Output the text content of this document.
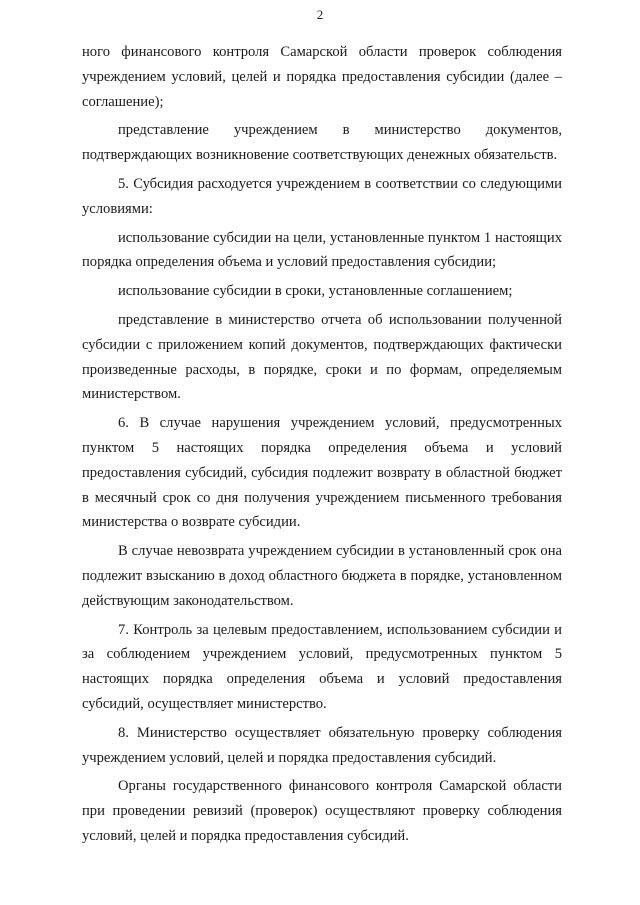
2

ного финансового контроля Самарской области проверок соблюдения учреждением условий, целей и порядка предоставления субсидии (далее – соглашение);

представление учреждением в министерство документов, подтверждающих возникновение соответствующих денежных обязательств.

5. Субсидия расходуется учреждением в соответствии со следующими условиями:

использование субсидии на цели, установленные пунктом 1 настоящих порядка определения объема и условий предоставления субсидии;

использование субсидии в сроки, установленные соглашением;

представление в министерство отчета об использовании полученной субсидии с приложением копий документов, подтверждающих фактически произведенные расходы, в порядке, сроки и по формам, определяемым министерством.

6. В случае нарушения учреждением условий, предусмотренных пунктом 5 настоящих порядка определения объема и условий предоставления субсидий, субсидия подлежит возврату в областной бюджет в месячный срок со дня получения учреждением письменного требования министерства о возврате субсидии.

В случае невозврата учреждением субсидии в установленный срок она подлежит взысканию в доход областного бюджета в порядке, установленном действующим законодательством.

7. Контроль за целевым предоставлением, использованием субсидии и за соблюдением учреждением условий, предусмотренных пунктом 5 настоящих порядка определения объема и условий предоставления субсидий, осуществляет министерство.

8. Министерство осуществляет обязательную проверку соблюдения учреждением условий, целей и порядка предоставления субсидий.

Органы государственного финансового контроля Самарской области при проведении ревизий (проверок) осуществляют проверку соблюдения условий, целей и порядка предоставления субсидий.
